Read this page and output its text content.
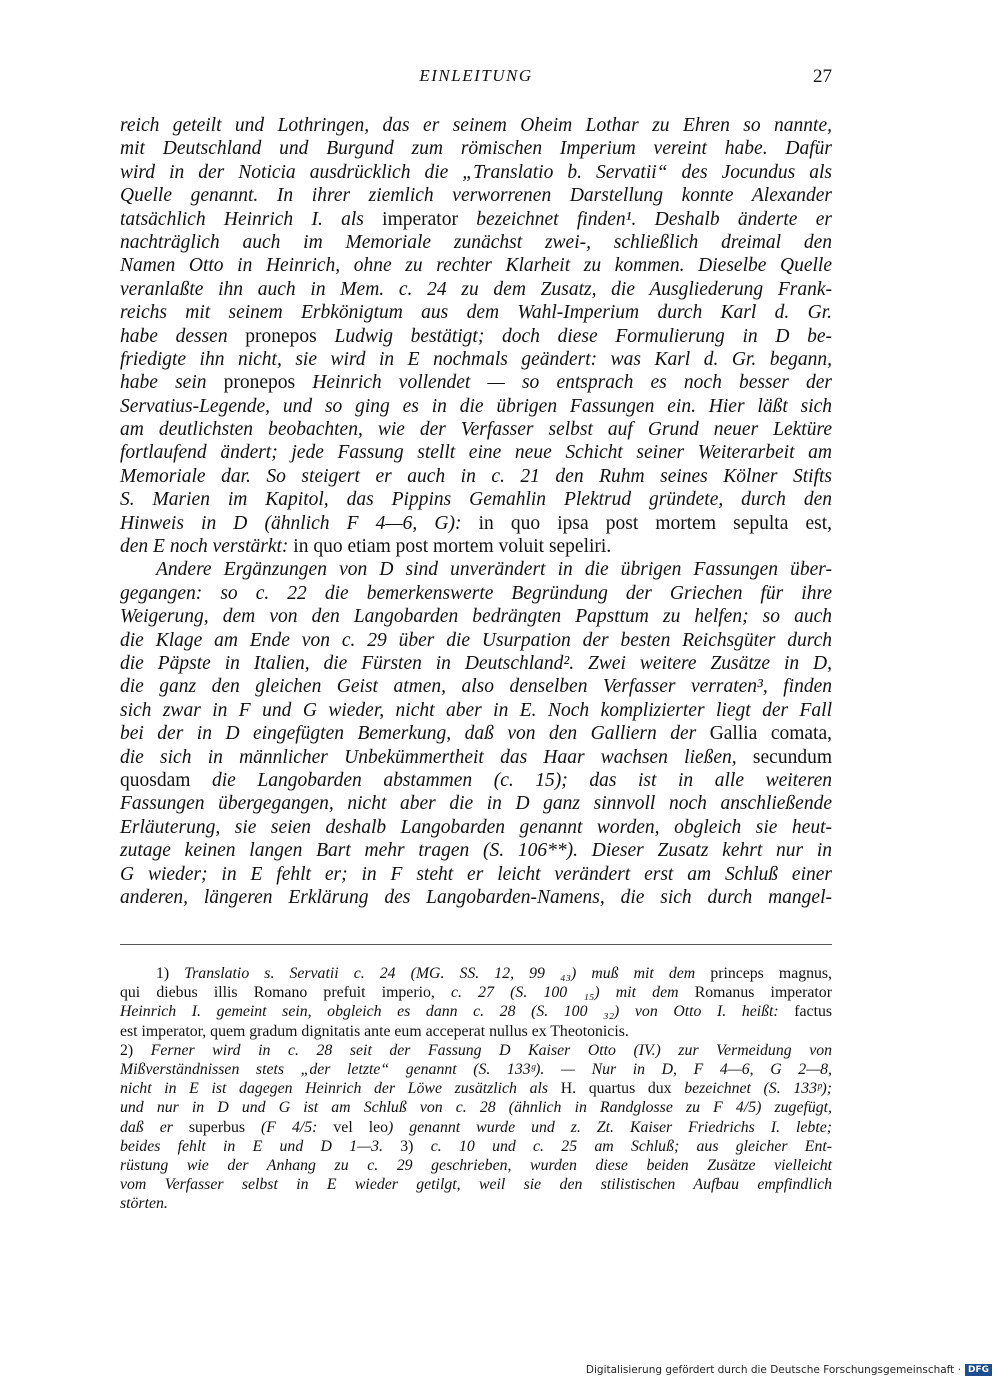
EINLEITUNG	27
reich geteilt und Lothringen, das er seinem Oheim Lothar zu Ehren so nannte,
mit Deutschland und Burgund zum römischen Imperium vereint habe. Dafür
wird in der Noticia ausdrücklich die „Translatio b. Servatii“ des Jocundus als
Quelle genannt. In ihrer ziemlich verworrenen Darstellung konnte Alexander
tatsächlich Heinrich I. als imperator bezeichnet finden¹. Deshalb änderte er
nachträglich auch im Memoriale zunächst zwei-, schließlich dreimal den
Namen Otto in Heinrich, ohne zu rechter Klarheit zu kommen. Dieselbe Quelle
veranlaßte ihn auch in Mem. c. 24 zu dem Zusatz, die Ausgliederung Frank-
reichs mit seinem Erbkönigtum aus dem Wahl-Imperium durch Karl d. Gr.
habe dessen pronepos Ludwig bestätigt; doch diese Formulierung in D be-
friedigte ihn nicht, sie wird in E nochmals geändert: was Karl d. Gr. begann,
habe sein pronepos Heinrich vollendet — so entsprach es noch besser der
Servatius-Legende, und so ging es in die übrigen Fassungen ein. Hier läßt sich
am deutlichsten beobachten, wie der Verfasser selbst auf Grund neuer Lektüre
fortlaufend ändert; jede Fassung stellt eine neue Schicht seiner Weiterarbeit am
Memoriale dar. So steigert er auch in c. 21 den Ruhm seines Kölner Stifts
S. Marien im Kapitol, das Pippins Gemahlin Plektrud gründete, durch den
Hinweis in D (ähnlich F 4—6, G): in quo ipsa post mortem sepulta est,
den E noch verstärkt: in quo etiam post mortem voluit sepeliri.
Andere Ergänzungen von D sind unverändert in die übrigen Fassungen über-
gegangen: so c. 22 die bemerkenswerte Begründung der Griechen für ihre
Weigerung, dem von den Langobarden bedrängten Papsttum zu helfen; so auch
die Klage am Ende von c. 29 über die Usurpation der besten Reichsgüter durch
die Päpste in Italien, die Fürsten in Deutschland². Zwei weitere Zusätze in D,
die ganz den gleichen Geist atmen, also denselben Verfasser verraten³, finden
sich zwar in F und G wieder, nicht aber in E. Noch komplizierter liegt der Fall
bei der in D eingefügten Bemerkung, daß von den Galliern der Gallia comata,
die sich in männlicher Unbekümmertheit das Haar wachsen ließen, secundum
quosdam die Langobarden abstammen (c. 15); das ist in alle weiteren
Fassungen übergegangen, nicht aber die in D ganz sinnvoll noch anschließende
Erläuterung, sie seien deshalb Langobarden genannt worden, obgleich sie heut-
zutage keinen langen Bart mehr tragen (S. 106**). Dieser Zusatz kehrt nur in
G wieder; in E fehlt er; in F steht er leicht verändert erst am Schluß einer
anderen, längeren Erklärung des Langobarden-Namens, die sich durch mangel-
1) Translatio s. Servatii c. 24 (MG. SS. 12, 99 ₄₃) muß mit dem princeps magnus,
qui diebus illis Romano prefuit imperio, c. 27 (S. 100 ₁₅) mit dem Romanus imperator
Heinrich I. gemeint sein, obgleich es dann c. 28 (S. 100 ₃₂) von Otto I. heißt: factus
est imperator, quem gradum dignitatis ante eum acceperat nullus ex Theotonicis.
2) Ferner wird in c. 28 seit der Fassung D Kaiser Otto (IV.) zur Vermeidung von
Mißverständnissen stets „der letzte“ genannt (S. 133ᵍ). — Nur in D, F 4—6, G 2—8,
nicht in E ist dagegen Heinrich der Löwe zusätzlich als H. quartus dux bezeichnet (S. 133ᵖ);
und nur in D und G ist am Schluß von c. 28 (ähnlich in Randglosse zu F 4/5) zugefügt,
daß er superbus (F 4/5: vel leo) genannt wurde und z. Zt. Kaiser Friedrichs I. lebte;
beides fehlt in E und D 1—3. 3) c. 10 und c. 25 am Schluß; aus gleicher Ent-
rüstung wie der Anhang zu c. 29 geschrieben, wurden diese beiden Zusätze vielleicht
vom Verfasser selbst in E wieder getilgt, weil sie den stilistischen Aufbau empfindlich
störten.
Digitalisierung gefördert durch die Deutsche Forschungsgemeinschaft · DFG
